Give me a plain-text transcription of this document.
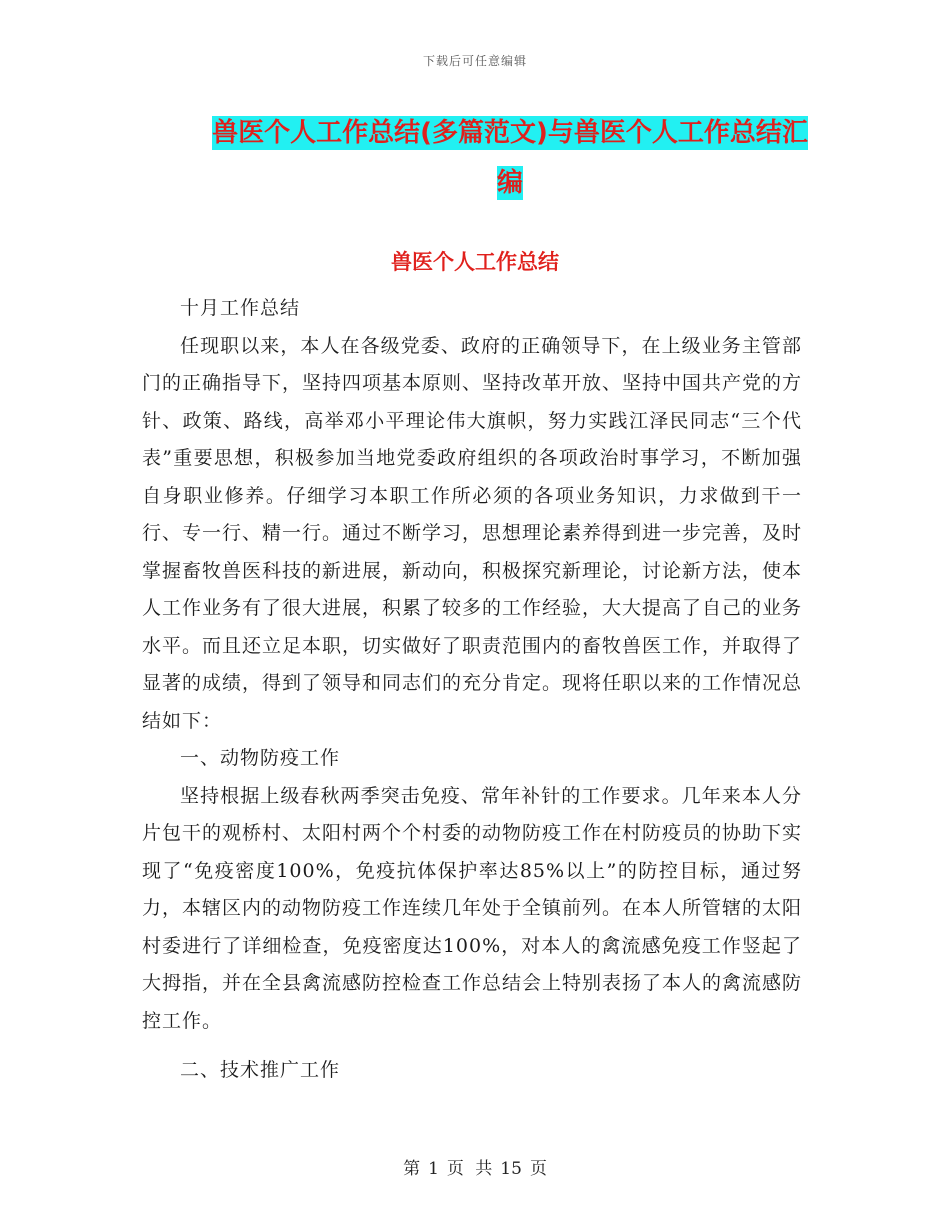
下载后可任意编辑
兽医个人工作总结(多篇范文)与兽医个人工作总结汇
编
兽医个人工作总结

十月工作总结

任现职以来，本人在各级党委、政府的正确领导下，在上级业务主管部门的正确指导下，坚持四项基本原则、坚持改革开放、坚持中国共产党的方针、政策、路线，高举邓小平理论伟大旗帜，努力实践江泽民同志“三个代表”重要思想，积极参加当地党委政府组织的各项政治时事学习，不断加强自身职业修养。仔细学习本职工作所必须的各项业务知识，力求做到干一行、专一行、精一行。通过不断学习，思想理论素养得到进一步完善，及时掌握畜牧兽医科技的新进展，新动向，积极探究新理论，讨论新方法，使本人工作业务有了很大进展，积累了较多的工作经验，大大提高了自己的业务水平。而且还立足本职，切实做好了职责范围内的畜牧兽医工作，并取得了显著的成绩，得到了领导和同志们的充分肯定。现将任职以来的工作情况总结如下：

一、动物防疫工作

坚持根据上级春秋两季突击免疫、常年补针的工作要求。几年来本人分片包干的观桥村、太阳村两个个村委的动物防疫工作在村防疫员的协助下实现了“免疫密度100%，免疫抗体保护率达85%以上”的防控目标，通过努力，本辖区内的动物防疫工作连续几年处于全镇前列。在本人所管辖的太阳村委进行了详细检查，免疫密度达100%，对本人的禽流感免疫工作竖起了大拇指，并在全县禽流感防控检查工作总结会上特别表扬了本人的禽流感防控工作。

二、技术推广工作

第 1 页 共 15 页
